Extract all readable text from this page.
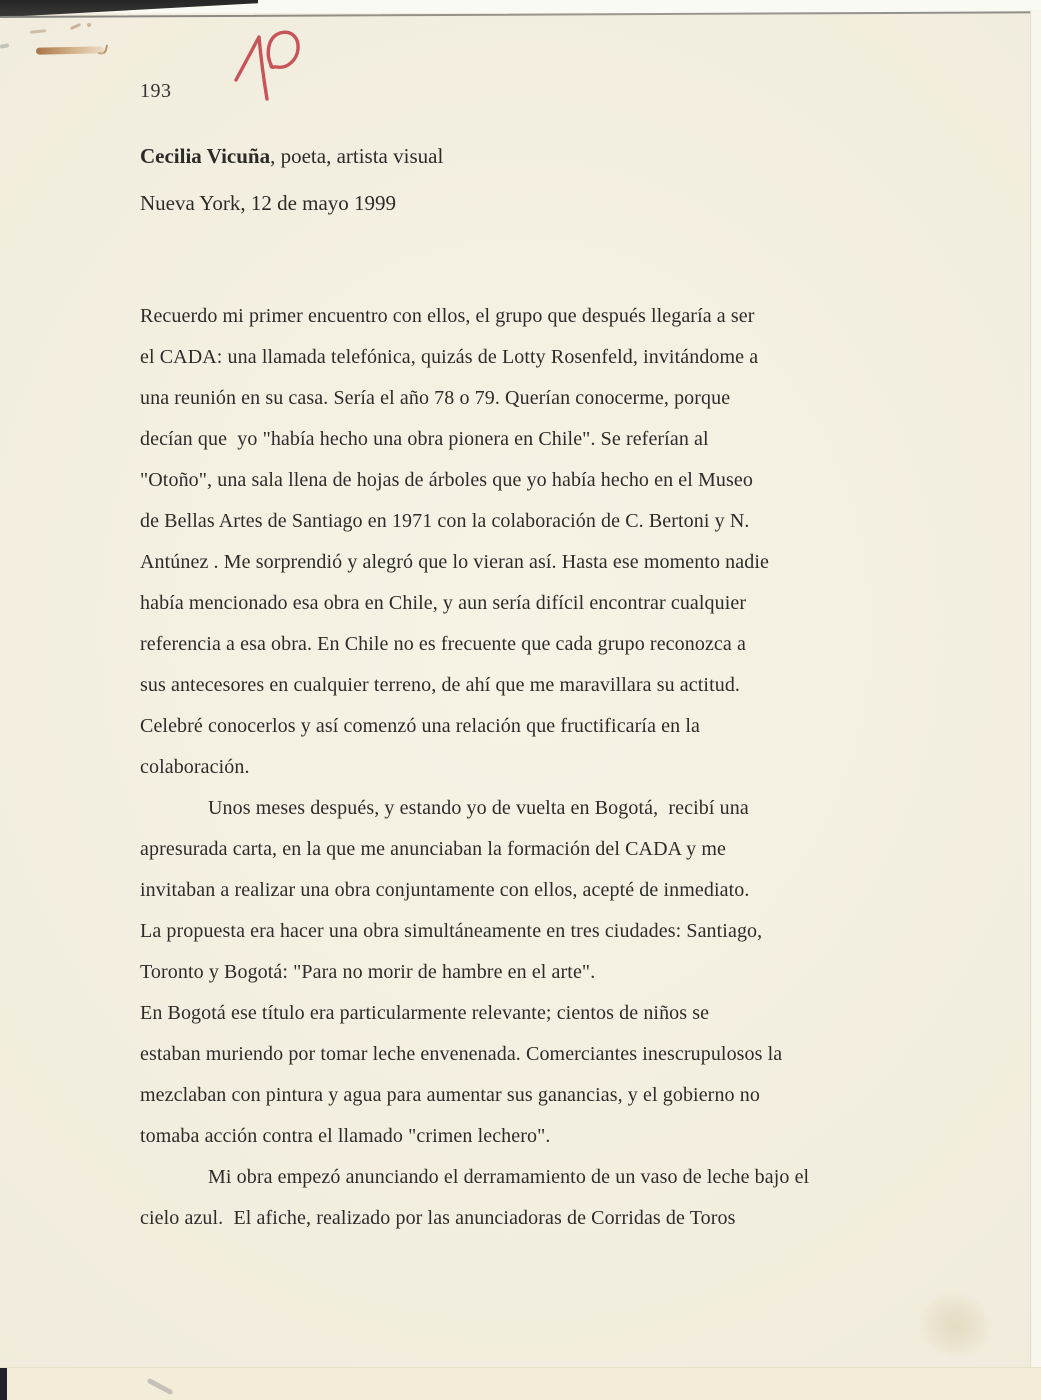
193
Cecilia Vicuña, poeta, artista visual
Nueva York, 12 de mayo 1999
Recuerdo mi primer encuentro con ellos, el grupo que después llegaría a ser
el CADA: una llamada telefónica, quizás de Lotty Rosenfeld, invitándome a
una reunión en su casa. Sería el año 78 o 79. Querían conocerme, porque
decían que  yo "había hecho una obra pionera en Chile". Se referían al
"Otoño", una sala llena de hojas de árboles que yo había hecho en el Museo
de Bellas Artes de Santiago en 1971 con la colaboración de C. Bertoni y N.
Antúnez . Me sorprendió y alegró que lo vieran así. Hasta ese momento nadie
había mencionado esa obra en Chile, y aun sería difícil encontrar cualquier
referencia a esa obra. En Chile no es frecuente que cada grupo reconozca a
sus antecesores en cualquier terreno, de ahí que me maravillara su actitud.
Celebré conocerlos y así comenzó una relación que fructificaría en la
colaboración.
Unos meses después, y estando yo de vuelta en Bogotá,  recibí una
apresurada carta, en la que me anunciaban la formación del CADA y me
invitaban a realizar una obra conjuntamente con ellos, acepté de inmediato.
La propuesta era hacer una obra simultáneamente en tres ciudades: Santiago,
Toronto y Bogotá: "Para no morir de hambre en el arte".
En Bogotá ese título era particularmente relevante; cientos de niños se
estaban muriendo por tomar leche envenenada. Comerciantes inescrupulosos la
mezclaban con pintura y agua para aumentar sus ganancias, y el gobierno no
tomaba acción contra el llamado "crimen lechero".
Mi obra empezó anunciando el derramamiento de un vaso de leche bajo el
cielo azul.  El afiche, realizado por las anunciadoras de Corridas de Toros
